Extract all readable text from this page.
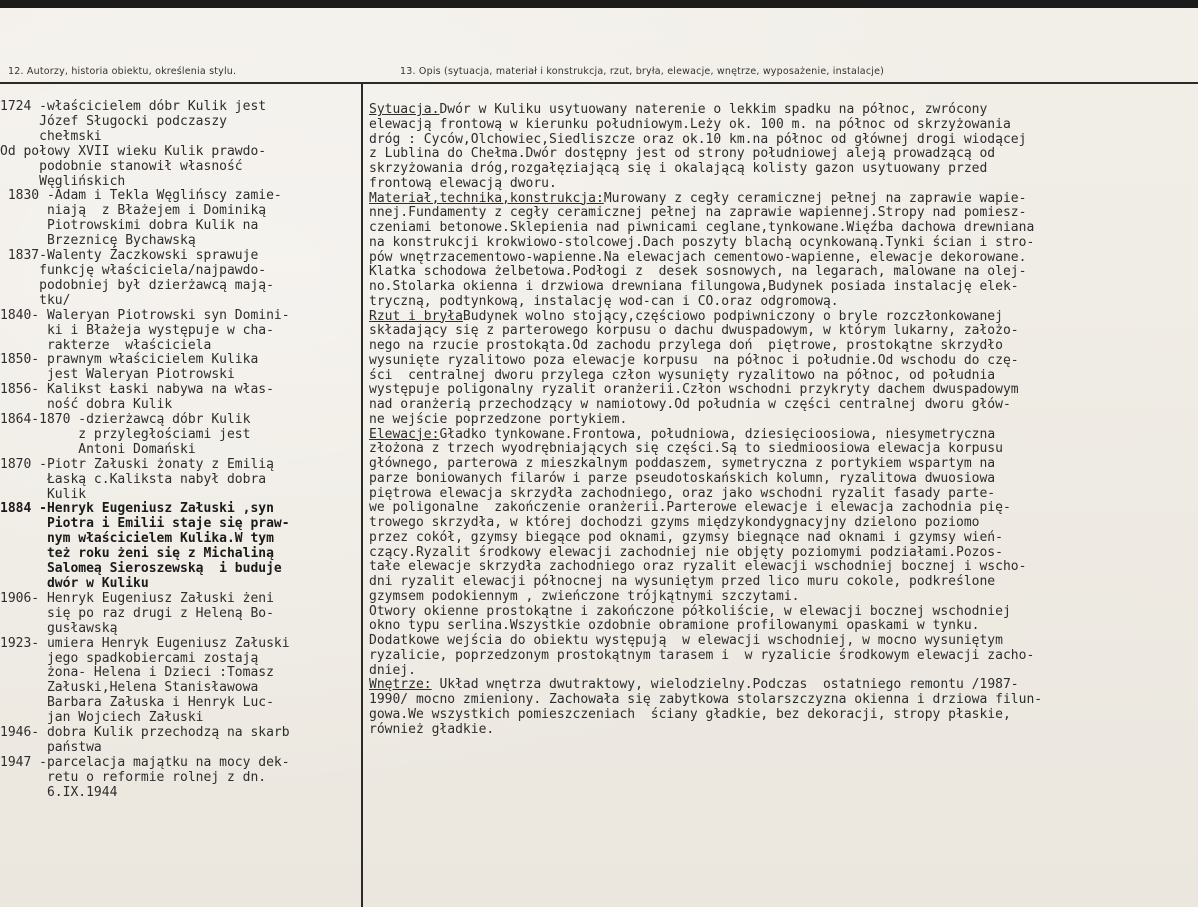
12. Autorzy, historia obiektu, określenia stylu.	13. Opis (sytuacja, materiał i konstrukcja, rzut, bryła, elewacje, wnętrze, wyposażenie, instalacje)
1724 -właścicielem dóbr Kulik jest
Józef Sługocki podczaszy
chełmski
Od połowy XVII wieku Kulik prawdo-
podobnie stanowił własność
Węglińskich
1830 -Adam i Tekla Węglińscy zamie-
niają  z Błażejem i Dominiką
Piotrowskimi dobra Kulik na
Brzeznicę Bychawską
1837-Walenty Żaczkowski sprawuje
funkcję właściciela/najpawdo-
podobniej był dzierżawcą mają-
tku/
1840- Waleryan Piotrowski syn Domini-
ki i Błażeja występuje w cha-
rakterze  właściciela
1850- prawnym właścicielem Kulika
jest Waleryan Piotrowski
1856- Kalikst Łaski nabywa na włas-
ność dobra Kulik
1864-1870 -dzierżawcą dóbr Kulik
z przyległościami jest
Antoni Domański
1870 -Piotr Załuski żonaty z Emilią
Łaską c.Kaliksta nabył dobra
Kulik
1884 -Henryk Eugeniusz Załuski ,syn
Piotra i Emilii staje się praw-
nym właścicielem Kulika.W tym
też roku żeni się z Michaliną
Salomeą Sieroszewską  i buduje
dwór w Kuliku
1906- Henryk Eugeniusz Załuski żeni
się po raz drugi z Heleną Bo-
gusławską
1923- umiera Henryk Eugeniusz Załuski
jego spadkobiercami zostają
żona- Helena i Dzieci :Tomasz
Załuski,Helena Stanisławowa
Barbara Załuska i Henryk Luc-
jan Wojciech Załuski
1946- dobra Kulik przechodzą na skarb
państwa
1947 -parcelacja majątku na mocy dek-
retu o reformie rolnej z dn.
6.IX.1944
Sytuacja.Dwór w Kuliku usytuowany naterenie o lekkim spadku na północ, zwrócony
elewacją frontową w kierunku południowym.Leży ok. 100 m. na północ od skrzyżowania
dróg : Cyców,Olchowiec,Siedliszcze oraz ok.10 km.na północ od głównej drogi wiodącej
z Lublina do Chełma.Dwór dostępny jest od strony południowej aleją prowadzącą od
skrzyżowania dróg,rozgałęziającą się i okalającą kolisty gazon usytuowany przed
frontową elewacją dworu.
Materiał,technika,konstrukcja:Murowany z cegły ceramicznej pełnej na zaprawie wapie-
nnej.Fundamenty z cegły ceramicznej pełnej na zaprawie wapiennej.Stropy nad pomiesz-
czeniami betonowe.Sklepienia nad piwnicami ceglane,tynkowane.Więźba dachowa drewniana
na konstrukcji krokwiowo-stolcowej.Dach poszyty blachą ocynkowaną.Tynki ścian i stro-
pów wnętrzacementowo-wapienne.Na elewacjach cementowo-wapienne, elewacje dekorowane.
Klatka schodowa żelbetowa.Podłogi z  desek sosnowych, na legarach, malowane na olej-
no.Stolarka okienna i drzwiowa drewniana filungowa,Budynek posiada instalację elek-
tryczną, podtynkową, instalację wod-can i CO.oraz odgromową.
Rzut i bryłaBudynek wolno stojący,częściowo podpiwniczony o bryle rozczłonkowanej
składający się z parterowego korpusu o dachu dwuspadowym, w którym lukarny, założo-
nego na rzucie prostokąta.Od zachodu przylega doń  piętrowe, prostokątne skrzydło
wysunięte ryzalitowo poza elewacje korpusu  na północ i południe.Od wschodu do czę-
ści  centralnej dworu przylega człon wysunięty ryzalitowo na północ, od południa
występuje poligonalny ryzalit oranżerii.Człon wschodni przykryty dachem dwuspadowym
nad oranżerią przechodzący w namiotowy.Od południa w części centralnej dworu głów-
ne wejście poprzedzone portykiem.
Elewacje:Gładko tynkowane.Frontowa, południowa, dziesięcioosiowa, niesymetryczna
złożona z trzech wyodrębniających się części.Są to siedmioosiowa elewacja korpusu
głównego, parterowa z mieszkalnym poddaszem, symetryczna z portykiem wspartym na
parze boniowanych filarów i parze pseudotoskańskich kolumn, ryzalitowa dwuosiowa
piętrowa elewacja skrzydła zachodniego, oraz jako wschodni ryzalit fasady parte-
we poligonalne  zakończenie oranżerii.Parterowe elewacje i elewacja zachodnia pię-
trowego skrzydła, w której dochodzi gzyms międzykondygnacyjny dzielono poziomo
przez cokół, gzymsy biegące pod oknami, gzymsy biegnące nad oknami i gzymsy wień-
czący.Ryzalit środkowy elewacji zachodniej nie objęty poziomymi podziałami.Pozos-
tałe elewacje skrzydła zachodniego oraz ryzalit elewacji wschodniej bocznej i wscho-
dni ryzalit elewacji północnej na wysuniętym przed lico muru cokole, podkreślone
gzymsem podokiennym , zwieńczone trójkątnymi szczytami.
Otwory okienne prostokątne i zakończone półkoliście, w elewacji bocznej wschodniej
okno typu serlina.Wszystkie ozdobnie obramione profilowanymi opaskami w tynku.
Dodatkowe wejścia do obiektu występują  w elewacji wschodniej, w mocno wysuniętym
ryzalicie, poprzedzonym prostokątnym tarasem i  w ryzalicie środkowym elewacji zacho-
dniej.
Wnętrze: Układ wnętrza dwutraktowy, wielodzielny.Podczas  ostatniego remontu /1987-
1990/ mocno zmieniony. Zachowała się zabytkowa stolarszczyzna okienna i drziowa filun-
gowa.We wszystkich pomieszczeniach  ściany gładkie, bez dekoracji, stropy płaskie,
również gładkie.
